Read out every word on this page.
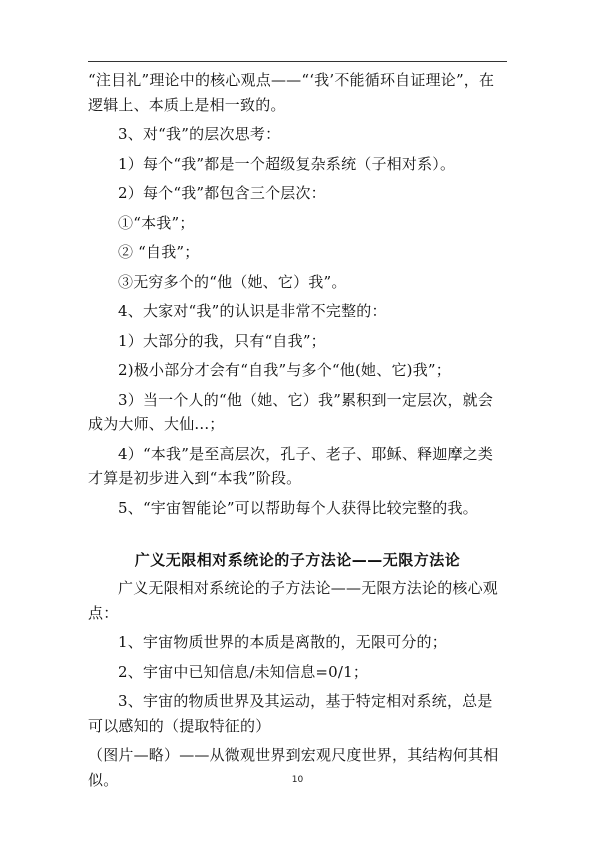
“注目礼”理论中的核心观点——“‘我’不能循环自证理论”，在逻辑上、本质上是相一致的。

3、对“我”的层次思考：

1）每个“我”都是一个超级复杂系统（子相对系）。

2）每个“我”都包含三个层次：

①“本我”；

② “自我”；

③无穷多个的“他（她、它）我”。

4、大家对“我”的认识是非常不完整的：

1）大部分的我，只有“自我”；

2)极小部分才会有“自我”与多个“他(她、它)我”；

3）当一个人的“他（她、它）我”累积到一定层次，就会成为大师、大仙...；

4）“本我”是至高层次，孔子、老子、耶稣、释迦摩之类才算是初步进入到“本我”阶段。

5、“宇宙智能论”可以帮助每个人获得比较完整的我。

广义无限相对系统论的子方法论——无限方法论

广义无限相对系统论的子方法论——无限方法论的核心观点：

1、宇宙物质世界的本质是离散的，无限可分的；

2、宇宙中已知信息/未知信息=0/1；

3、宇宙的物质世界及其运动，基于特定相对系统，总是可以感知的（提取特征的）

（图片—略）——从微观世界到宏观尺度世界，其结构何其相似。	10
